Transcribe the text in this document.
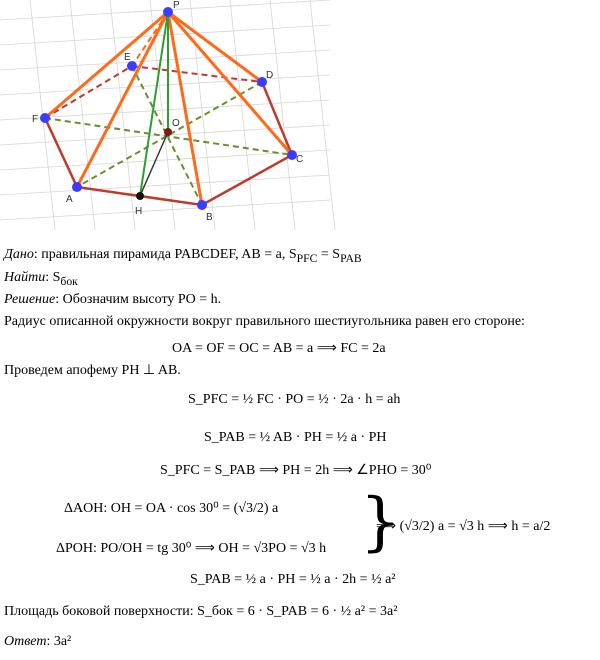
P
E
D
F	O
C
A
H
B
Дано: правильная пирамида PABCDEF, AB = a, $S_{PFC} = S_{PAB}$
Найти: $S_{бок}$
Решение: Обозначим высоту PO = h.
Радиус описанной окружности вокруг правильного шестиугольника равен его стороне:
OA = OF = OC = AB = a ⟹ FC = 2a
Проведем апофему PH ⊥ AB.
S_PFC = ½ FC · PO = ½ · 2a · h = ah
S_PAB = ½ AB · PH = ½ a · PH
S_PFC = S_PAB ⟹ PH = 2h ⟹ ∠PHO = 30⁰
ΔAOH: OH = OA · cos 30⁰ = (√3/2) a
ΔPOH: PO/OH = tg 30⁰ ⟹ OH = √3PO = √3 h }
⟹ (√3/2) a = √3 h ⟹ h = a/2
S_PAB = ½ a · PH = ½ a · 2h = ½ a²
Площадь боковой поверхности: S_бок = 6 · S_PAB = 6 · ½ a² = 3a²
Ответ: 3a²
